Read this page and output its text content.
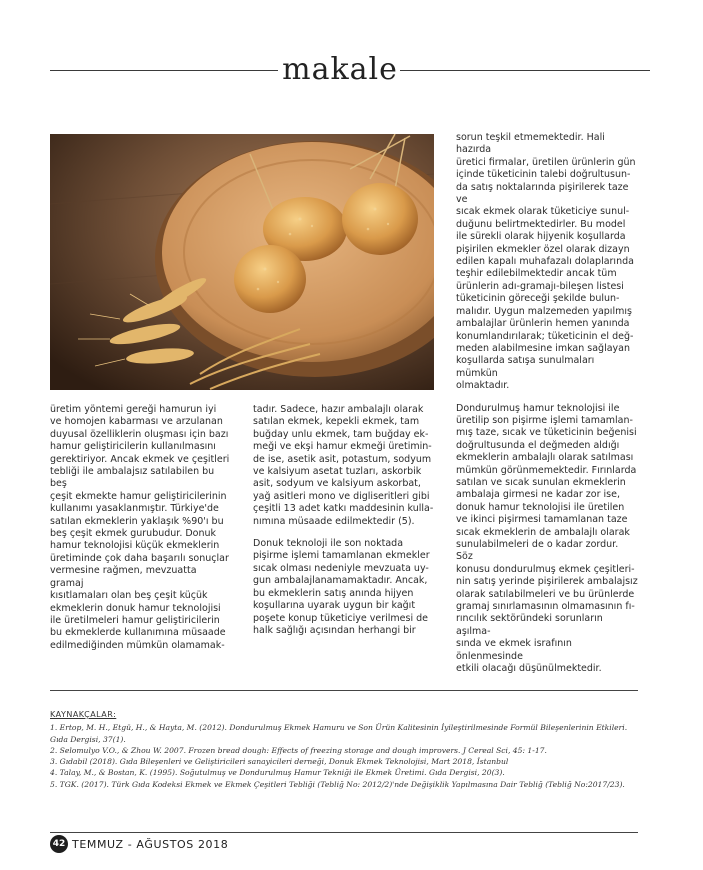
makale

üretim yöntemi gereği hamurun iyi
ve homojen kabarması ve arzulanan
duyusal özelliklerin oluşması için bazı
hamur geliştiricilerin kullanılmasını
gerektiriyor. Ancak ekmek ve çeşitleri
tebliği ile ambalajsız satılabilen bu beş
çeşit ekmekte hamur geliştiricilerinin
kullanımı yasaklanmıştır. Türkiye'de
satılan ekmeklerin yaklaşık %90'ı bu
beş çeşit ekmek gurubudur. Donuk
hamur teknolojisi küçük ekmeklerin
üretiminde çok daha başarılı sonuçlar
vermesine rağmen, mevzuatta gramaj
kısıtlamaları olan beş çeşit küçük
ekmeklerin donuk hamur teknolojisi
ile üretilmeleri hamur geliştiricilerin
bu ekmeklerde kullanımına müsaade
edilmediğinden mümkün olamamak-

tadır. Sadece, hazır ambalajlı olarak
satılan ekmek, kepekli ekmek, tam
buğday unlu ekmek, tam buğday ek-
meği ve ekşi hamur ekmeği üretimin-
de ise, asetik asit, potastum, sodyum
ve kalsiyum asetat tuzları, askorbik
asit, sodyum ve kalsiyum askorbat,
yağ asitleri mono ve digliseritleri gibi
çeşitli 13 adet katkı maddesinin kulla-
nımına müsaade edilmektedir (5).

Donuk teknoloji ile son noktada
pişirme işlemi tamamlanan ekmekler
sıcak olması nedeniyle mevzuata uy-
gun ambalajlanamamaktadır. Ancak,
bu ekmeklerin satış anında hijyen
koşullarına uyarak uygun bir kağıt
poşete konup tüketiciye verilmesi de
halk sağlığı açısından herhangi bir

sorun teşkil etmemektedir. Hali hazırda
üretici firmalar, üretilen ürünlerin gün
içinde tüketicinin talebi doğrultusun-
da satış noktalarında pişirilerek taze ve
sıcak ekmek olarak tüketiciye sunul-
duğunu belirtmektedirler. Bu model
ile sürekli olarak hijyenik koşullarda
pişirilen ekmekler özel olarak dizayn
edilen kapalı muhafazalı dolaplarında
teşhir edilebilmektedir ancak tüm
ürünlerin adı-gramajı-bileşen listesi
tüketicinin göreceği şekilde bulun-
malıdır. Uygun malzemeden yapılmış
ambalajlar ürünlerin hemen yanında
konumlandırılarak; tüketicinin el değ-
meden alabilmesine imkan sağlayan
koşullarda satışa sunulmaları mümkün
olmaktadır.

Dondurulmuş hamur teknolojisi ile
üretilip son pişirme işlemi tamamlan-
mış taze, sıcak ve tüketicinin beğenisi
doğrultusunda el değmeden aldığı
ekmeklerin ambalajlı olarak satılması
mümkün görünmemektedir. Fırınlarda
satılan ve sıcak sunulan ekmeklerin
ambalaja girmesi ne kadar zor ise,
donuk hamur teknolojisi ile üretilen
ve ikinci pişirmesi tamamlanan taze
sıcak ekmeklerin de ambalajlı olarak
sunulabilmeleri de o kadar zordur. Söz
konusu dondurulmuş ekmek çeşitleri-
nin satış yerinde pişirilerek ambalajsız
olarak satılabilmeleri ve bu ürünlerde
gramaj sınırlamasının olmamasının fı-
rıncılık sektöründeki sorunların aşılma-
sında ve ekmek israfının önlenmesinde
etkili olacağı düşünülmektedir.

KAYNAKÇALAR:

1. Ertop, M. H., Etgü, H., & Hayta, M. (2012). Dondurulmuş Ekmek Hamuru ve Son Ürün Kalitesinin İyileştirilmesinde Formül Bileşenlerinin Etkileri. Gıda Dergisi, 37(1).

2. Selomulyo V.O., & Zhou W. 2007. Frozen bread dough: Effects of freezing storage and dough improvers. J Cereal Sci, 45: 1-17.

3. Gıdabil (2018). Gıda Bileşenleri ve Geliştiricileri sanayicileri derneği, Donuk Ekmek Teknolojisi, Mart 2018, İstanbul

4. Talay, M., & Bostan, K. (1995). Soğutulmuş ve Dondurulmuş Hamur Tekniği ile Ekmek Üretimi. Gıda Dergisi, 20(3).

5. TGK. (2017). Türk Gıda Kodeksi Ekmek ve Ekmek Çeşitleri Tebliği (Tebliğ No: 2012/2)'nde Değişiklik Yapılmasına Dair Tebliğ (Tebliğ No:2017/23).

42 TEMMUZ - AĞUSTOS 2018
